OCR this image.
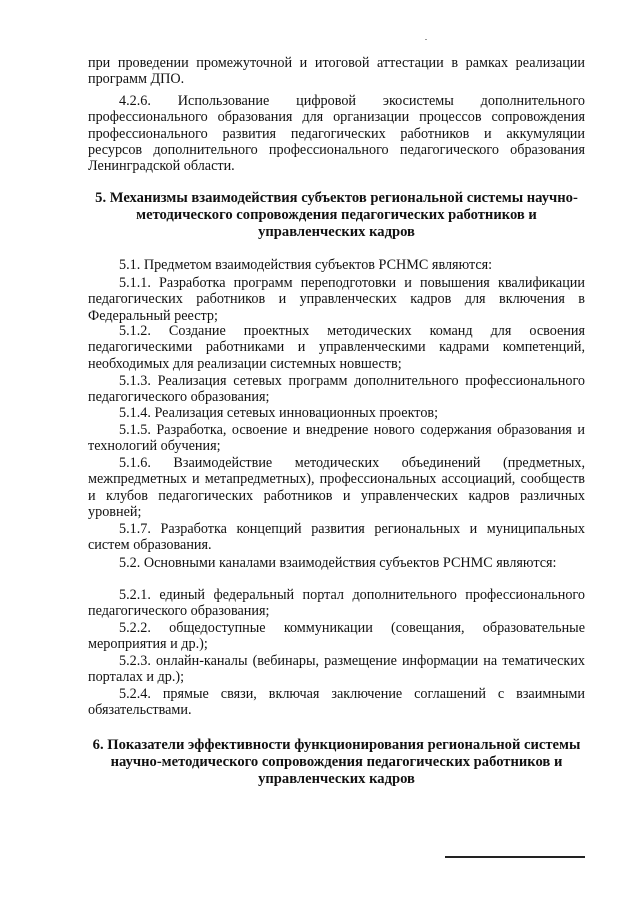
при проведении промежуточной и итоговой аттестации в рамках реализации программ ДПО.
4.2.6. Использование цифровой экосистемы дополнительного профессионального образования для организации процессов сопровождения профессионального развития педагогических работников и аккумуляции ресурсов дополнительного профессионального педагогического образования Ленинградской области.
5. Механизмы взаимодействия субъектов региональной системы научно-методического сопровождения педагогических работников и управленческих кадров
5.1. Предметом взаимодействия субъектов РСНМС являются:
5.1.1. Разработка программ переподготовки и повышения квалификации педагогических работников и управленческих кадров для включения в Федеральный реестр;
5.1.2. Создание проектных методических команд для освоения педагогическими работниками и управленческими кадрами компетенций, необходимых для реализации системных новшеств;
5.1.3. Реализация сетевых программ дополнительного профессионального педагогического образования;
5.1.4. Реализация сетевых инновационных проектов;
5.1.5. Разработка, освоение и внедрение нового содержания образования и технологий обучения;
5.1.6. Взаимодействие методических объединений (предметных, межпредметных и метапредметных), профессиональных ассоциаций, сообществ и клубов педагогических работников и управленческих кадров различных уровней;
5.1.7. Разработка концепций развития региональных и муниципальных систем образования.
5.2. Основными каналами взаимодействия субъектов РСНМС являются:
5.2.1. единый федеральный портал дополнительного профессионального педагогического образования;
5.2.2. общедоступные коммуникации (совещания, образовательные мероприятия и др.);
5.2.3. онлайн-каналы (вебинары, размещение информации на тематических порталах и др.);
5.2.4. прямые связи, включая заключение соглашений с взаимными обязательствами.
6. Показатели эффективности функционирования региональной системы научно-методического сопровождения педагогических работников и управленческих кадров
